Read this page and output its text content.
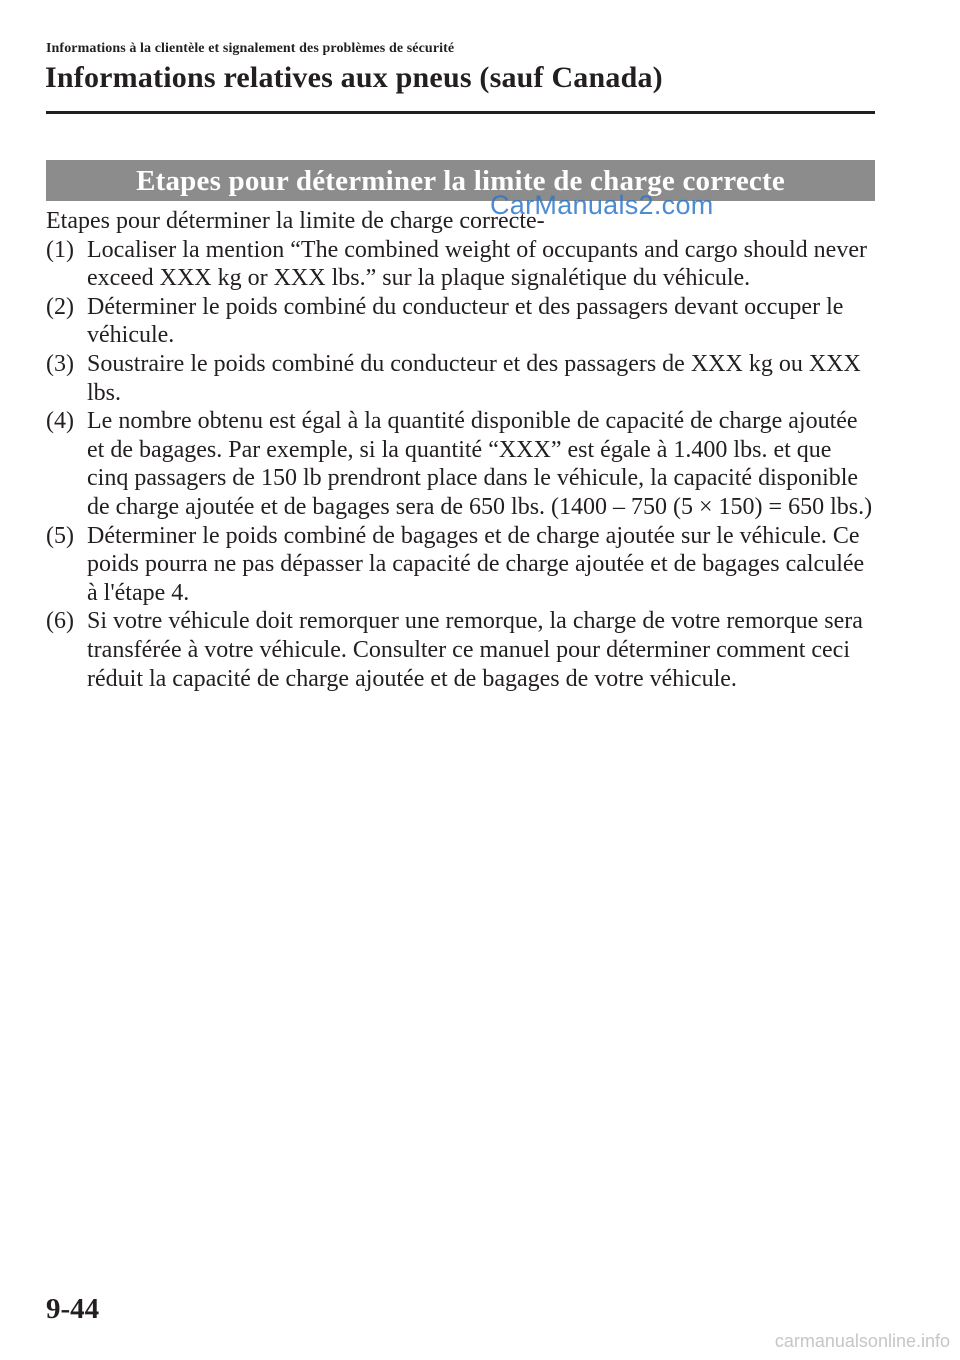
Informations à la clientèle et signalement des problèmes de sécurité
Informations relatives aux pneus (sauf Canada)
Etapes pour déterminer la limite de charge correcte

Etapes pour déterminer la limite de charge correcte-

(1) Localiser la mention “The combined weight of occupants and cargo should never exceed XXX kg or XXX lbs.” sur la plaque signalétique du véhicule.
(2) Déterminer le poids combiné du conducteur et des passagers devant occuper le véhicule.
(3) Soustraire le poids combiné du conducteur et des passagers de XXX kg ou XXX lbs.
(4) Le nombre obtenu est égal à la quantité disponible de capacité de charge ajoutée et de bagages. Par exemple, si la quantité “XXX” est égale à 1.400 lbs. et que cinq passagers de 150 lb prendront place dans le véhicule, la capacité disponible de charge ajoutée et de bagages sera de 650 lbs. (1400 – 750 (5 × 150) = 650 lbs.)
(5) Déterminer le poids combiné de bagages et de charge ajoutée sur le véhicule. Ce poids pourra ne pas dépasser la capacité de charge ajoutée et de bagages calculée à l'étape 4.
(6) Si votre véhicule doit remorquer une remorque, la charge de votre remorque sera transférée à votre véhicule. Consulter ce manuel pour déterminer comment ceci réduit la capacité de charge ajoutée et de bagages de votre véhicule.
CarManuals2.com
9-44
carmanualsonline.info
